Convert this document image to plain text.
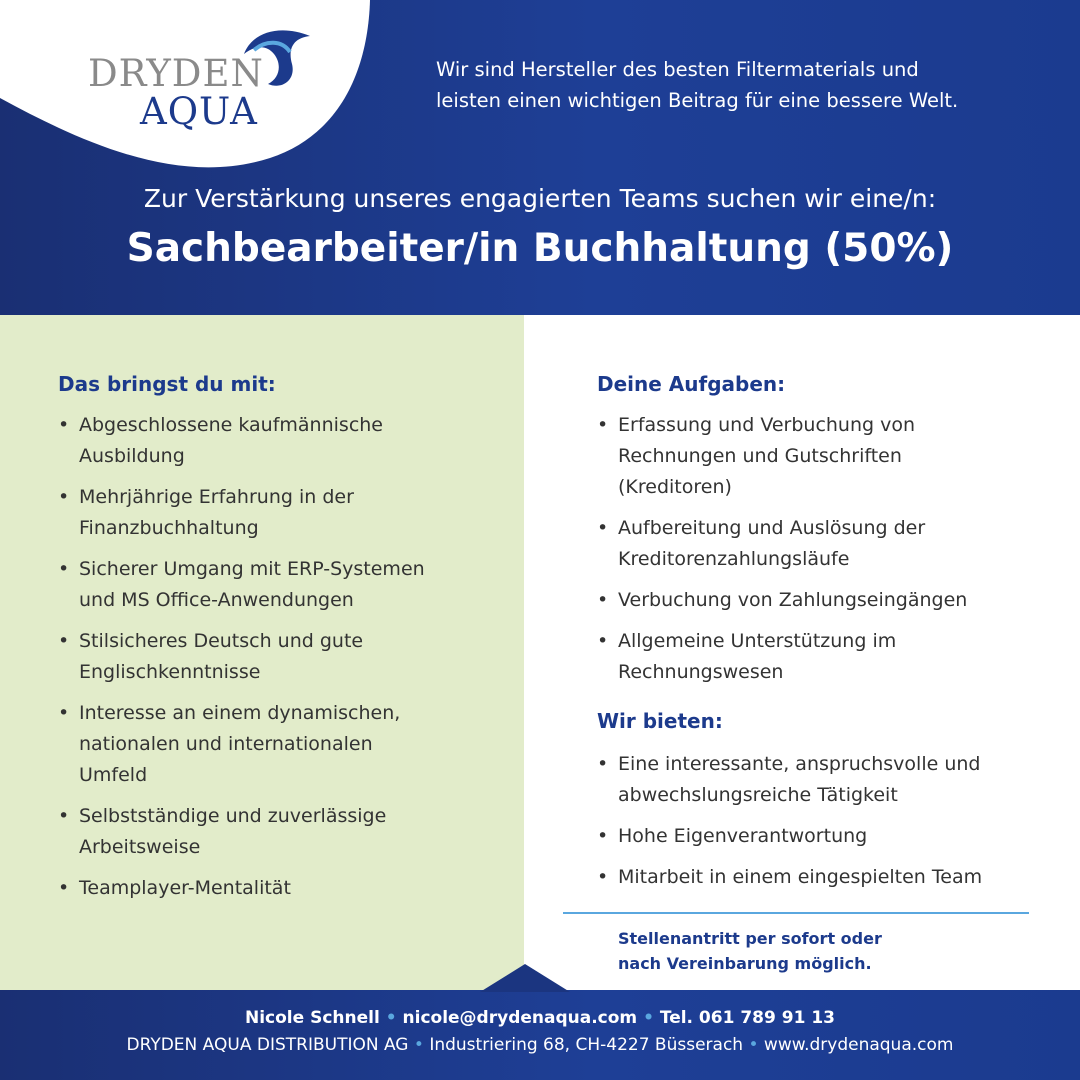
DRYDEN
AQUA
Wir sind Hersteller des besten Filtermaterials und
leisten einen wichtigen Beitrag für eine bessere Welt.
Zur Verstärkung unseres engagierten Teams suchen wir eine/n:
Sachbearbeiter/in Buchhaltung (50%)
Das bringst du mit:
• Abgeschlossene kaufmännische
Ausbildung
• Mehrjährige Erfahrung in der
Finanzbuchhaltung
• Sicherer Umgang mit ERP-Systemen
und MS Office-Anwendungen
• Stilsicheres Deutsch und gute
Englischkenntnisse
• Interesse an einem dynamischen,
nationalen und internationalen
Umfeld
• Selbstständige und zuverlässige
Arbeitsweise
• Teamplayer-Mentalität
Deine Aufgaben:
• Erfassung und Verbuchung von
Rechnungen und Gutschriften
(Kreditoren)
• Aufbereitung und Auslösung der
Kreditorenzahlungsläufe
• Verbuchung von Zahlungseingängen
• Allgemeine Unterstützung im
Rechnungswesen
Wir bieten:
• Eine interessante, anspruchsvolle und
abwechslungsreiche Tätigkeit
• Hohe Eigenverantwortung
• Mitarbeit in einem eingespielten Team
Stellenantritt per sofort oder
nach Vereinbarung möglich.
Nicole Schnell • nicole@drydenaqua.com • Tel. 061 789 91 13
DRYDEN AQUA DISTRIBUTION AG • Industriering 68, CH-4227 Büsserach • www.drydenaqua.com
